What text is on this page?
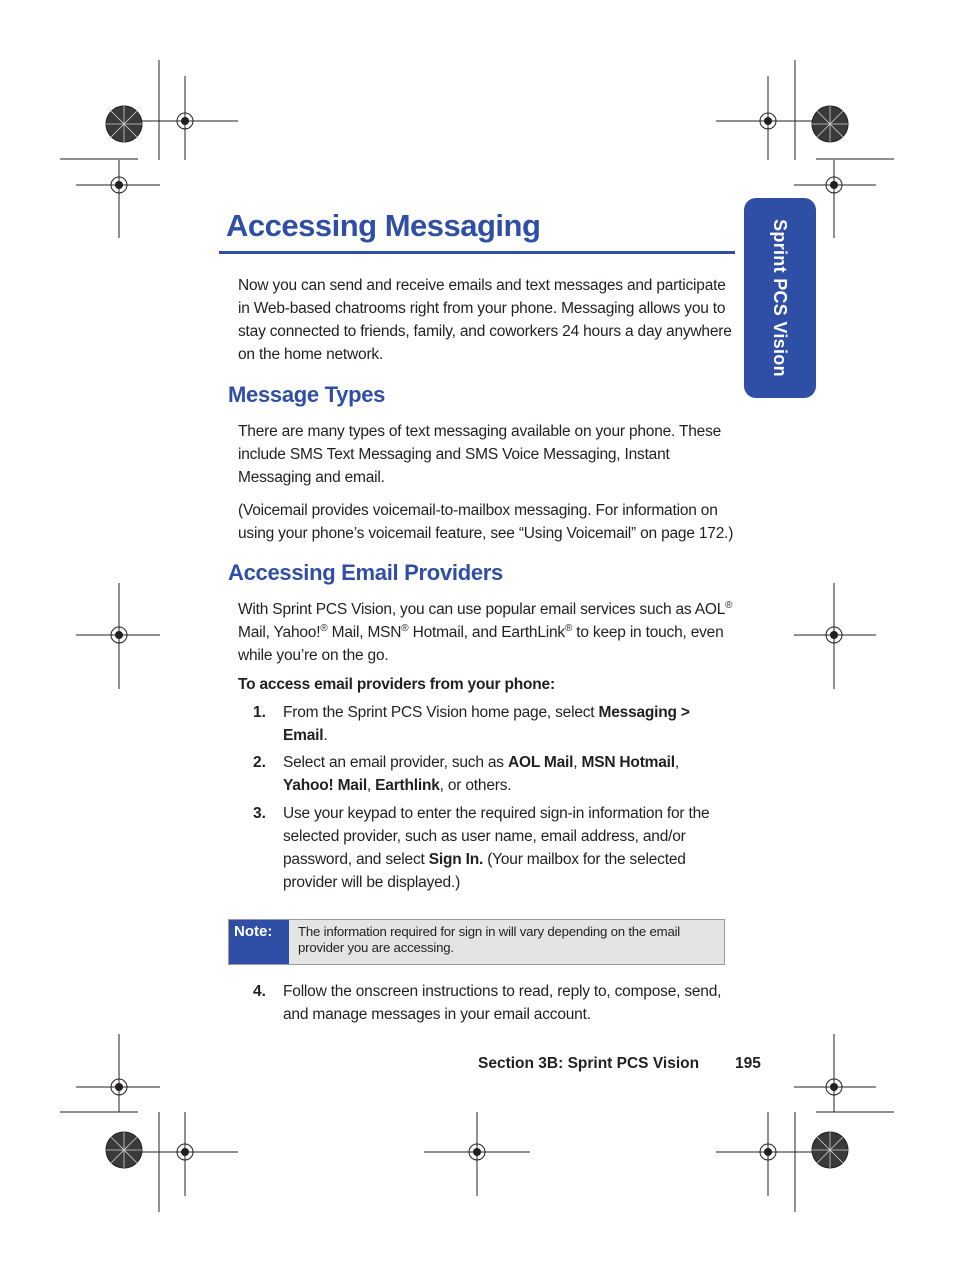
Sprint PCS Vision
Accessing Messaging

Now you can send and receive emails and text messages and participate in Web-based chatrooms right from your phone. Messaging allows you to stay connected to friends, family, and coworkers 24 hours a day anywhere on the home network.

Message Types

There are many types of text messaging available on your phone. These include SMS Text Messaging and SMS Voice Messaging, Instant Messaging and email.

(Voicemail provides voicemail-to-mailbox messaging. For information on using your phone’s voicemail feature, see “Using Voicemail” on page 172.)

Accessing Email Providers

With Sprint PCS Vision, you can use popular email services such as AOL® Mail, Yahoo!® Mail, MSN® Hotmail, and EarthLink® to keep in touch, even while you’re on the go.

To access email providers from your phone:

1. From the Sprint PCS Vision home page, select Messaging > Email.
2. Select an email provider, such as AOL Mail, MSN Hotmail, Yahoo! Mail, Earthlink, or others.
3. Use your keypad to enter the required sign-in information for the selected provider, such as user name, email address, and/or password, and select Sign In. (Your mailbox for the selected provider will be displayed.)
Note:	The information required for sign in will vary depending on the email provider you are accessing.
4. Follow the onscreen instructions to read, reply to, compose, send, and manage messages in your email account.
Section 3B: Sprint PCS Vision 195
